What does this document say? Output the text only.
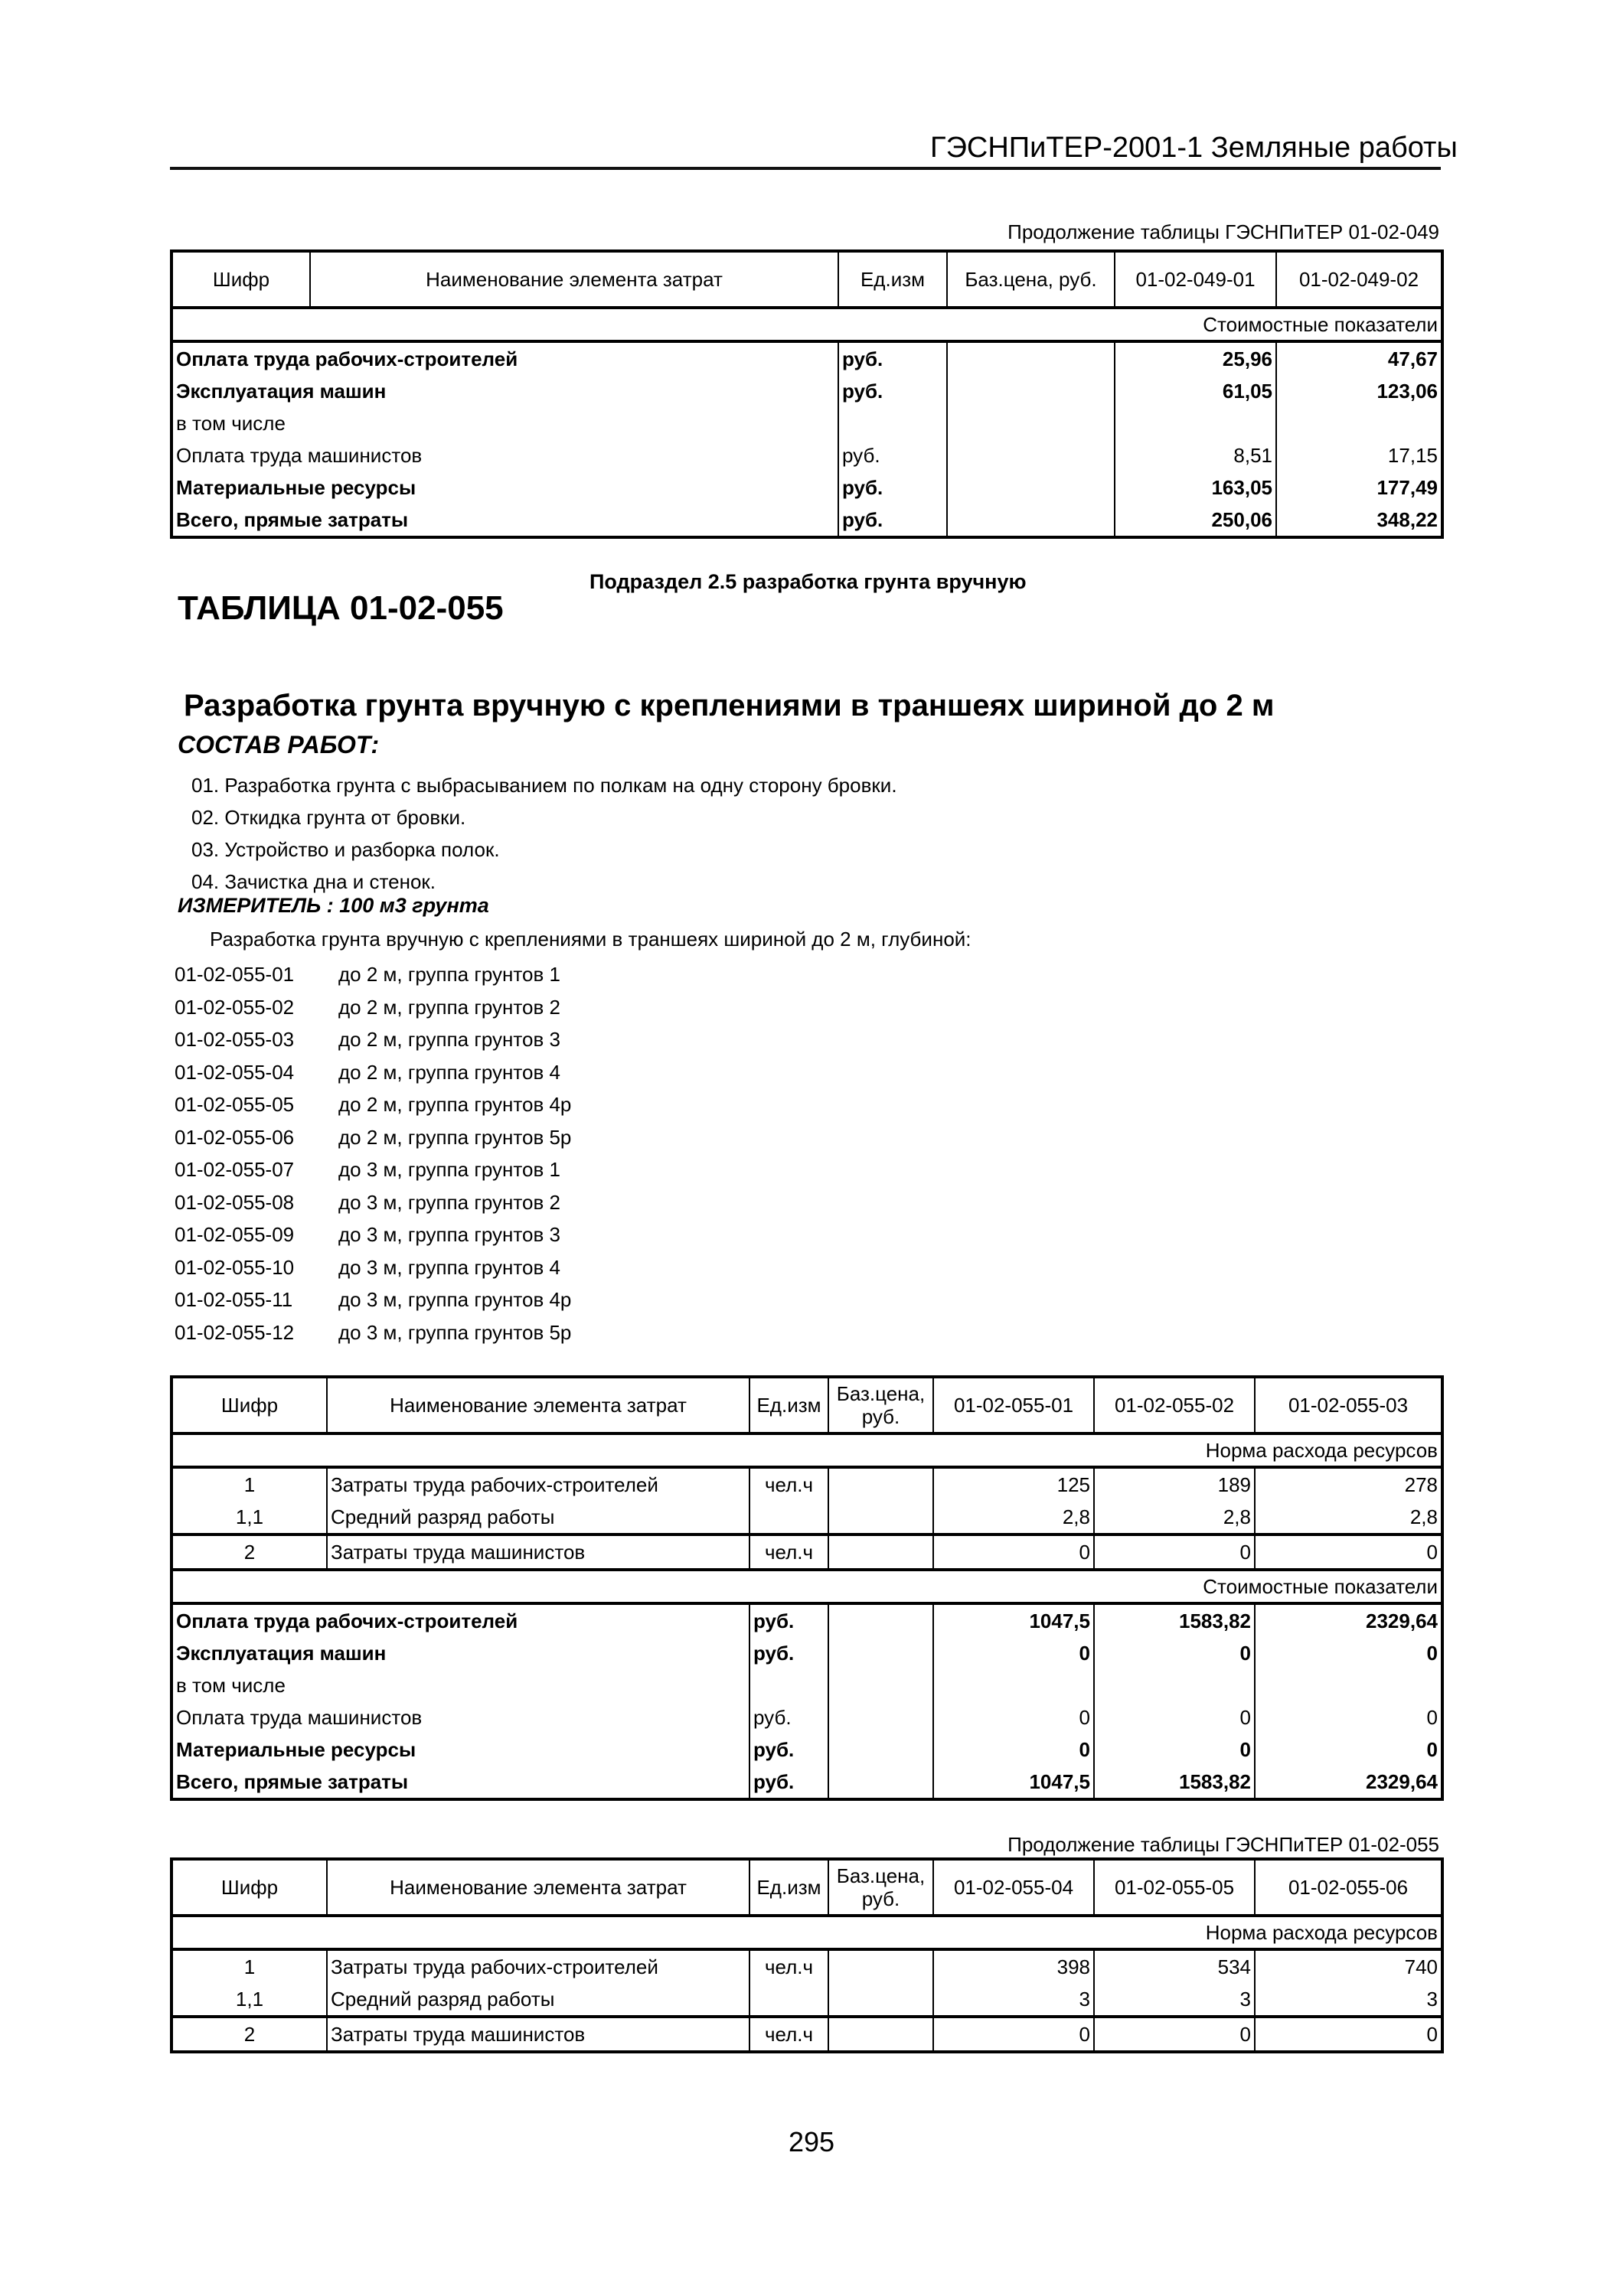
ГЭСНПиТЕР-2001-1 Земляные работы
Продолжение таблицы ГЭСНПиТЕР 01-02-049
Шифр	Наименование элемента затрат	Ед.изм	Баз.цена, руб.	01-02-049-01	01-02-049-02
Стоимостные показатели					
Оплата труда рабочих-строителей		руб.		25,96	47,67
Эксплуатация машин		руб.		61,05	123,06
в том числе					
Оплата труда машинистов		руб.		8,51	17,15
Материальные ресурсы		руб.		163,05	177,49
Всего, прямые затраты		руб.		250,06	348,22
Подраздел 2.5 разработка грунта вручную
ТАБЛИЦА 01-02-055
Разработка грунта вручную с креплениями в траншеях шириной до 2 м
СОСТАВ РАБОТ:
01. Разработка грунта с выбрасыванием по полкам на одну сторону бровки.
02. Откидка грунта от бровки.
03. Устройство и разборка полок.
04. Зачистка дна и стенок.
ИЗМЕРИТЕЛЬ : 100 м3 грунта
Разработка грунта вручную с креплениями в траншеях шириной до 2 м, глубиной:
01-02-055-01 до 2 м, группа грунтов 1
01-02-055-02 до 2 м, группа грунтов 2
01-02-055-03 до 2 м, группа грунтов 3
01-02-055-04 до 2 м, группа грунтов 4
01-02-055-05 до 2 м, группа грунтов 4р
01-02-055-06 до 2 м, группа грунтов 5р
01-02-055-07 до 3 м, группа грунтов 1
01-02-055-08 до 3 м, группа грунтов 2
01-02-055-09 до 3 м, группа грунтов 3
01-02-055-10 до 3 м, группа грунтов 4
01-02-055-11 до 3 м, группа грунтов 4р
01-02-055-12 до 3 м, группа грунтов 5р
Шифр	Наименование элемента затрат	Ед.изм	Баз.цена, руб.	01-02-055-01	01-02-055-02	01-02-055-03
Норма расхода ресурсов						
1	Затраты труда рабочих-строителей	чел.ч		125	189	278
1,1	Средний разряд работы			2,8	2,8	2,8
2	Затраты труда машинистов	чел.ч		0	0	0
Стоимостные показатели						
Оплата труда рабочих-строителей		руб.		1047,5	1583,82	2329,64
Эксплуатация машин		руб.		0	0	0
в том числе						
Оплата труда машинистов		руб.		0	0	0
Материальные ресурсы		руб.		0	0	0
Всего, прямые затраты		руб.		1047,5	1583,82	2329,64
Продолжение таблицы ГЭСНПиТЕР 01-02-055
Шифр	Наименование элемента затрат	Ед.изм	Баз.цена, руб.	01-02-055-04	01-02-055-05	01-02-055-06
Норма расхода ресурсов						
1	Затраты труда рабочих-строителей	чел.ч		398	534	740
1,1	Средний разряд работы			3	3	3
2	Затраты труда машинистов	чел.ч		0	0	0
295
